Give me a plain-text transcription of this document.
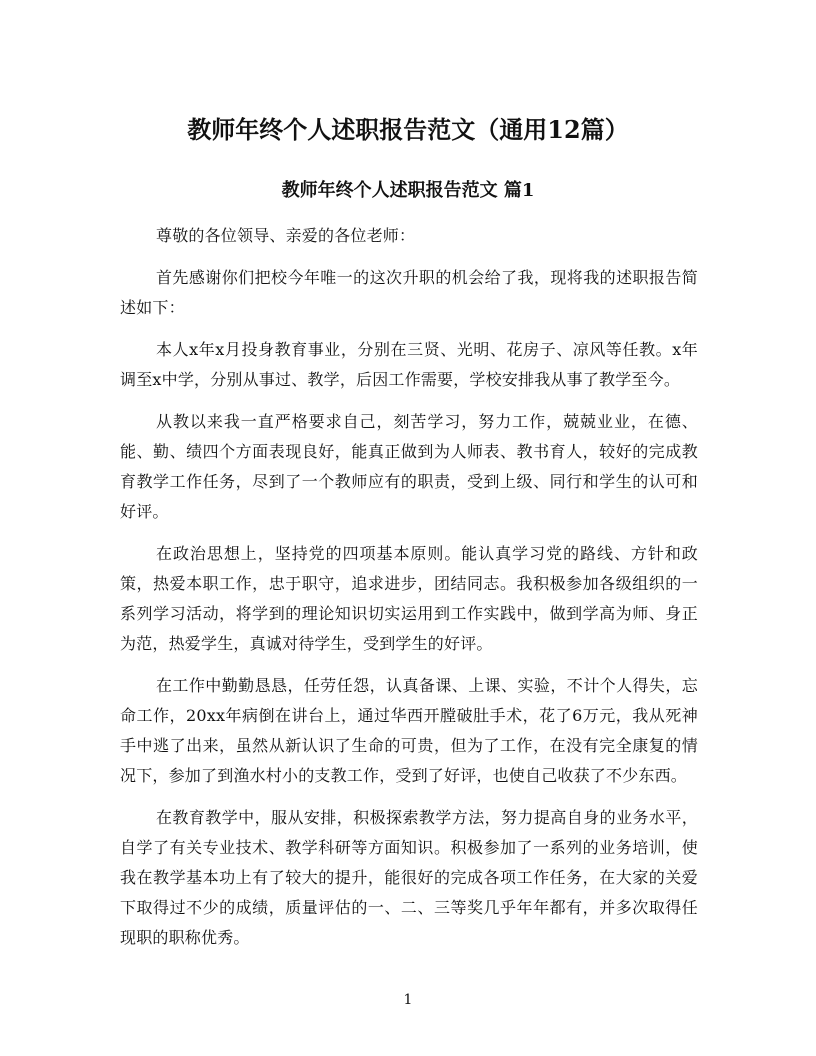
教师年终个人述职报告范文（通用12篇）
教师年终个人述职报告范文 篇1

尊敬的各位领导、亲爱的各位老师：

首先感谢你们把校今年唯一的这次升职的机会给了我，现将我的述职报告简述如下：

本人x年x月投身教育事业，分别在三贤、光明、花房子、凉风等任教。x年调至x中学，分别从事过、教学，后因工作需要，学校安排我从事了教学至今。

从教以来我一直严格要求自己，刻苦学习，努力工作，兢兢业业，在德、能、勤、绩四个方面表现良好，能真正做到为人师表、教书育人，较好的完成教育教学工作任务，尽到了一个教师应有的职责，受到上级、同行和学生的认可和好评。

在政治思想上，坚持党的四项基本原则。能认真学习党的路线、方针和政策，热爱本职工作，忠于职守，追求进步，团结同志。我积极参加各级组织的一系列学习活动，将学到的理论知识切实运用到工作实践中，做到学高为师、身正为范，热爱学生，真诚对待学生，受到学生的好评。

在工作中勤勤恳恳，任劳任怨，认真备课、上课、实验，不计个人得失，忘命工作，20xx年病倒在讲台上，通过华西开膛破肚手术，花了6万元，我从死神手中逃了出来，虽然从新认识了生命的可贵，但为了工作，在没有完全康复的情况下，参加了到渔水村小的支教工作，受到了好评，也使自己收获了不少东西。

在教育教学中，服从安排，积极探索教学方法，努力提高自身的业务水平，自学了有关专业技术、教学科研等方面知识。积极参加了一系列的业务培训，使我在教学基本功上有了较大的提升，能很好的完成各项工作任务，在大家的关爱下取得过不少的成绩，质量评估的一、二、三等奖几乎年年都有，并多次取得任现职的职称优秀。

1
